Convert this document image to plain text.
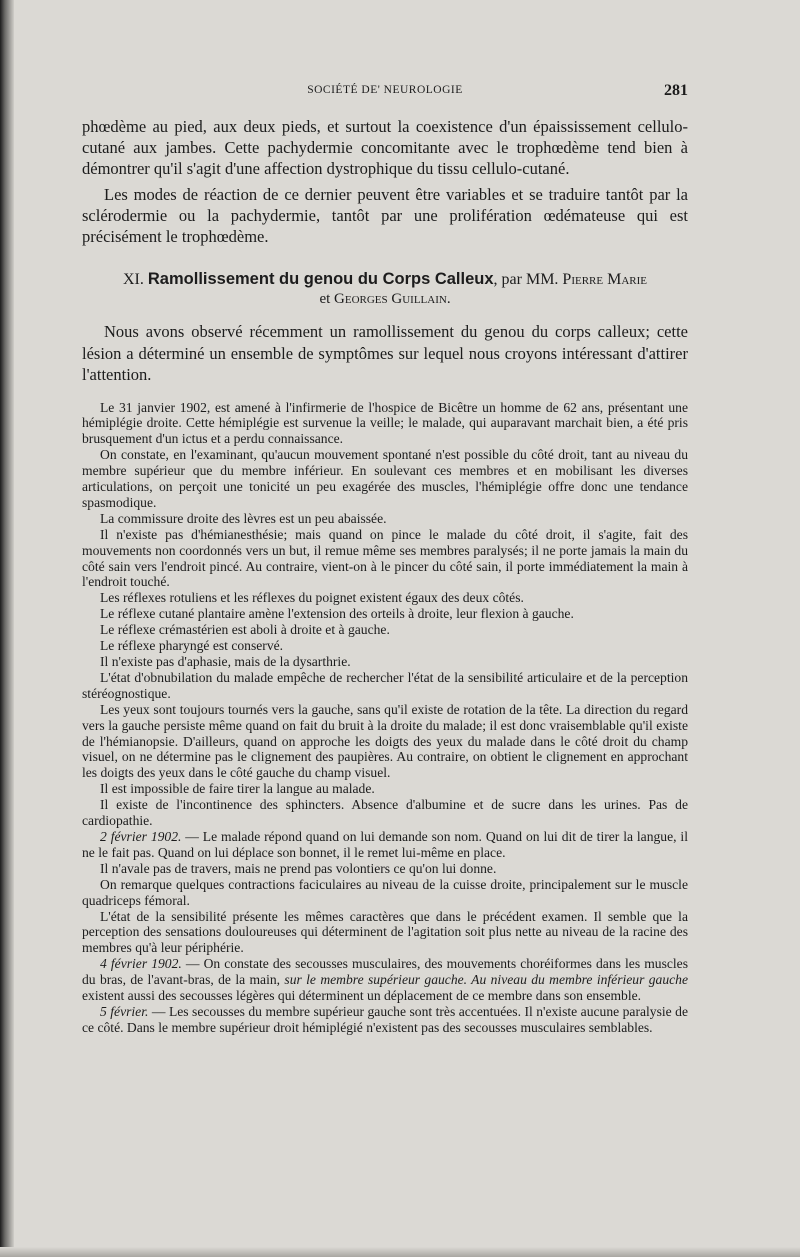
SOCIÉTÉ DE' NEUROLOGIE	281

phœdème au pied, aux deux pieds, et surtout la coexistence d'un épaississement cellulo-cutané aux jambes. Cette pachydermie concomitante avec le trophœdème tend bien à démontrer qu'il s'agit d'une affection dystrophique du tissu cellulo-cutané.

Les modes de réaction de ce dernier peuvent être variables et se traduire tantôt par la sclérodermie ou la pachydermie, tantôt par une prolifération œdémateuse qui est précisément le trophœdème.

XI. Ramollissement du genou du Corps Calleux, par MM. Pierre Marie
et Georges Guillain.

Nous avons observé récemment un ramollissement du genou du corps calleux; cette lésion a déterminé un ensemble de symptômes sur lequel nous croyons intéressant d'attirer l'attention.

Le 31 janvier 1902, est amené à l'infirmerie de l'hospice de Bicêtre un homme de 62 ans, présentant une hémiplégie droite. Cette hémiplégie est survenue la veille; le malade, qui auparavant marchait bien, a été pris brusquement d'un ictus et a perdu connaissance.

On constate, en l'examinant, qu'aucun mouvement spontané n'est possible du côté droit, tant au niveau du membre supérieur que du membre inférieur. En soulevant ces membres et en mobilisant les diverses articulations, on perçoit une tonicité un peu exagérée des muscles, l'hémiplégie offre donc une tendance spasmodique.

La commissure droite des lèvres est un peu abaissée.

Il n'existe pas d'hémianesthésie; mais quand on pince le malade du côté droit, il s'agite, fait des mouvements non coordonnés vers un but, il remue même ses membres paralysés; il ne porte jamais la main du côté sain vers l'endroit pincé. Au contraire, vient-on à le pincer du côté sain, il porte immédiatement la main à l'endroit touché.

Les réflexes rotuliens et les réflexes du poignet existent égaux des deux côtés.

Le réflexe cutané plantaire amène l'extension des orteils à droite, leur flexion à gauche.

Le réflexe crémastérien est aboli à droite et à gauche.

Le réflexe pharyngé est conservé.

Il n'existe pas d'aphasie, mais de la dysarthrie.

L'état d'obnubilation du malade empêche de rechercher l'état de la sensibilité articulaire et de la perception stéréognostique.

Les yeux sont toujours tournés vers la gauche, sans qu'il existe de rotation de la tête. La direction du regard vers la gauche persiste même quand on fait du bruit à la droite du malade; il est donc vraisemblable qu'il existe de l'hémianopsie. D'ailleurs, quand on approche les doigts des yeux du malade dans le côté droit du champ visuel, on ne détermine pas le clignement des paupières. Au contraire, on obtient le clignement en approchant les doigts des yeux dans le côté gauche du champ visuel.

Il est impossible de faire tirer la langue au malade.

Il existe de l'incontinence des sphincters. Absence d'albumine et de sucre dans les urines. Pas de cardiopathie.

2 février 1902. — Le malade répond quand on lui demande son nom. Quand on lui dit de tirer la langue, il ne le fait pas. Quand on lui déplace son bonnet, il le remet lui-même en place.

Il n'avale pas de travers, mais ne prend pas volontiers ce qu'on lui donne.

On remarque quelques contractions faciculaires au niveau de la cuisse droite, principalement sur le muscle quadriceps fémoral.

L'état de la sensibilité présente les mêmes caractères que dans le précédent examen. Il semble que la perception des sensations douloureuses qui déterminent de l'agitation soit plus nette au niveau de la racine des membres qu'à leur périphérie.

4 février 1902. — On constate des secousses musculaires, des mouvements choréiformes dans les muscles du bras, de l'avant-bras, de la main, sur le membre supérieur gauche. Au niveau du membre inférieur gauche existent aussi des secousses légères qui déterminent un déplacement de ce membre dans son ensemble.

5 février. — Les secousses du membre supérieur gauche sont très accentuées. Il n'existe aucune paralysie de ce côté. Dans le membre supérieur droit hémiplégié n'existent pas des secousses musculaires semblables.
